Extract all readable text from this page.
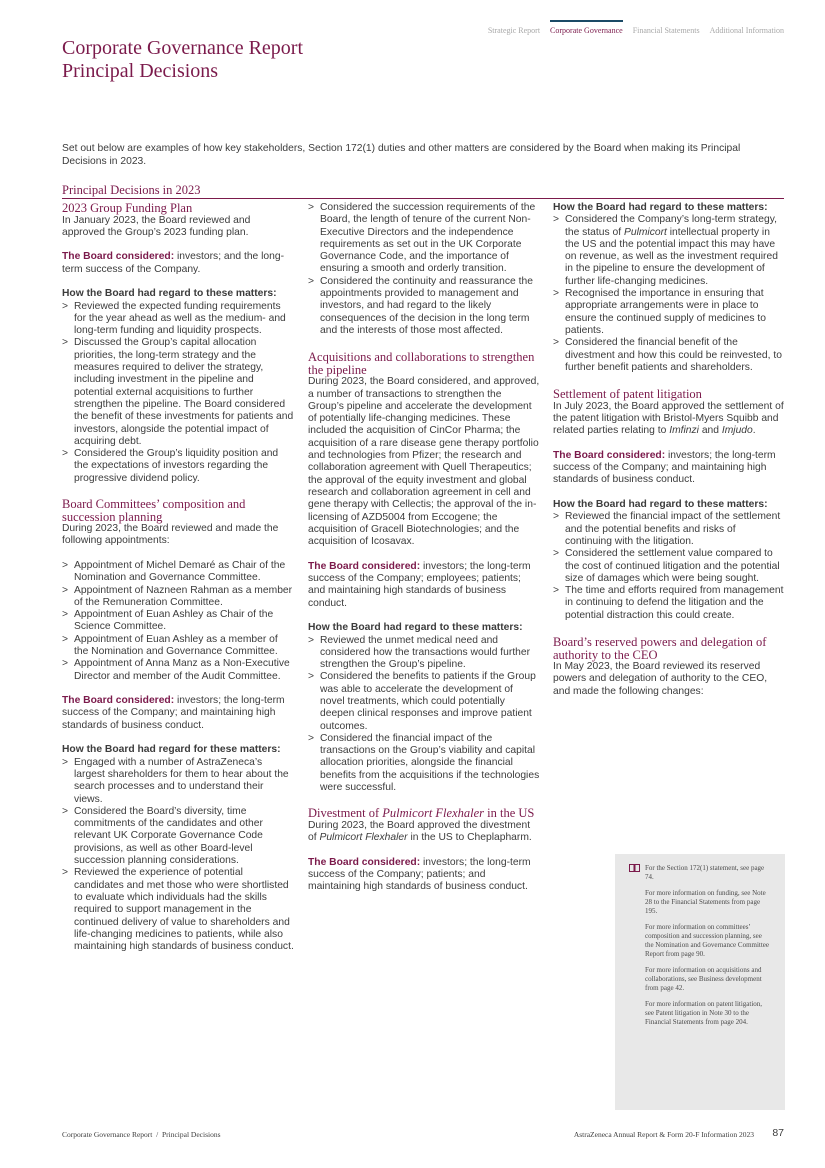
Strategic Report Corporate Governance Financial Statements Additional Information
Corporate Governance Report
Principal Decisions

Set out below are examples of how key stakeholders, Section 172(1) duties and other matters are considered by the Board when making its Principal Decisions in 2023.

Principal Decisions in 2023
2023 Group Funding Plan

In January 2023, the Board reviewed and approved the Group’s 2023 funding plan.

The Board considered: investors; and the long-term success of the Company.

How the Board had regard to these matters:

> Reviewed the expected funding requirements for the year ahead as well as the medium- and long-term funding and liquidity prospects.
> Discussed the Group’s capital allocation priorities, the long-term strategy and the measures required to deliver the strategy, including investment in the pipeline and potential external acquisitions to further strengthen the pipeline. The Board considered the benefit of these investments for patients and investors, alongside the potential impact of acquiring debt.
> Considered the Group’s liquidity position and the expectations of investors regarding the progressive dividend policy.
Board Committees’ composition and succession planning

During 2023, the Board reviewed and made the following appointments:

> Appointment of Michel Demaré as Chair of the Nomination and Governance Committee.
> Appointment of Nazneen Rahman as a member of the Remuneration Committee.
> Appointment of Euan Ashley as Chair of the Science Committee.
> Appointment of Euan Ashley as a member of the Nomination and Governance Committee.
> Appointment of Anna Manz as a Non-Executive Director and member of the Audit Committee.

The Board considered: investors; the long-term success of the Company; and maintaining high standards of business conduct.

How the Board had regard for these matters:

> Engaged with a number of AstraZeneca’s largest shareholders for them to hear about the search processes and to understand their views.
> Considered the Board’s diversity, time commitments of the candidates and other relevant UK Corporate Governance Code provisions, as well as other Board-level succession planning considerations.
> Reviewed the experience of potential candidates and met those who were shortlisted to evaluate which individuals had the skills required to support management in the continued delivery of value to shareholders and life-changing medicines to patients, while also maintaining high standards of business conduct.
> Considered the succession requirements of the Board, the length of tenure of the current Non-Executive Directors and the independence requirements as set out in the UK Corporate Governance Code, and the importance of ensuring a smooth and orderly transition.
> Considered the continuity and reassurance the appointments provided to management and investors, and had regard to the likely consequences of the decision in the long term and the interests of those most affected.
Acquisitions and collaborations to strengthen the pipeline

During 2023, the Board considered, and approved, a number of transactions to strengthen the Group’s pipeline and accelerate the development of potentially life-changing medicines. These included the acquisition of CinCor Pharma; the acquisition of a rare disease gene therapy portfolio and technologies from Pfizer; the research and collaboration agreement with Quell Therapeutics; the approval of the equity investment and global research and collaboration agreement in cell and gene therapy with Cellectis; the approval of the in-licensing of AZD5004 from Eccogene; the acquisition of Gracell Biotechnologies; and the acquisition of Icosavax.

The Board considered: investors; the long-term success of the Company; employees; patients; and maintaining high standards of business conduct.

How the Board had regard to these matters:

> Reviewed the unmet medical need and considered how the transactions would further strengthen the Group’s pipeline.
> Considered the benefits to patients if the Group was able to accelerate the development of novel treatments, which could potentially deepen clinical responses and improve patient outcomes.
> Considered the financial impact of the transactions on the Group’s viability and capital allocation priorities, alongside the financial benefits from the acquisitions if the technologies were successful.
Divestment of Pulmicort Flexhaler in the US

During 2023, the Board approved the divestment of Pulmicort Flexhaler in the US to Cheplapharm.

The Board considered: investors; the long-term success of the Company; patients; and maintaining high standards of business conduct.

How the Board had regard to these matters:

> Considered the Company’s long-term strategy, the status of Pulmicort intellectual property in the US and the potential impact this may have on revenue, as well as the investment required in the pipeline to ensure the development of further life-changing medicines.
> Recognised the importance in ensuring that appropriate arrangements were in place to ensure the continued supply of medicines to patients.
> Considered the financial benefit of the divestment and how this could be reinvested, to further benefit patients and shareholders.
Settlement of patent litigation

In July 2023, the Board approved the settlement of the patent litigation with Bristol-Myers Squibb and related parties relating to Imfinzi and Imjudo.

The Board considered: investors; the long-term success of the Company; and maintaining high standards of business conduct.

How the Board had regard to these matters:

> Reviewed the financial impact of the settlement and the potential benefits and risks of continuing with the litigation.
> Considered the settlement value compared to the cost of continued litigation and the potential size of damages which were being sought.
> The time and efforts required from management in continuing to defend the litigation and the potential distraction this could create.
Board’s reserved powers and delegation of authority to the CEO

In May 2023, the Board reviewed its reserved powers and delegation of authority to the CEO, and made the following changes:

For the Section 172(1) statement, see page 74.

For more information on funding, see Note 28 to the Financial Statements from page 195.

For more information on committees’ composition and succession planning, see the Nomination and Governance Committee Report from page 90.

For more information on acquisitions and collaborations, see Business development from page 42.

For more information on patent litigation, see Patent litigation in Note 30 to the Financial Statements from page 204.

Corporate Governance Report  /  Principal Decisions	AstraZeneca Annual Report & Form 20-F Information 2023 87
